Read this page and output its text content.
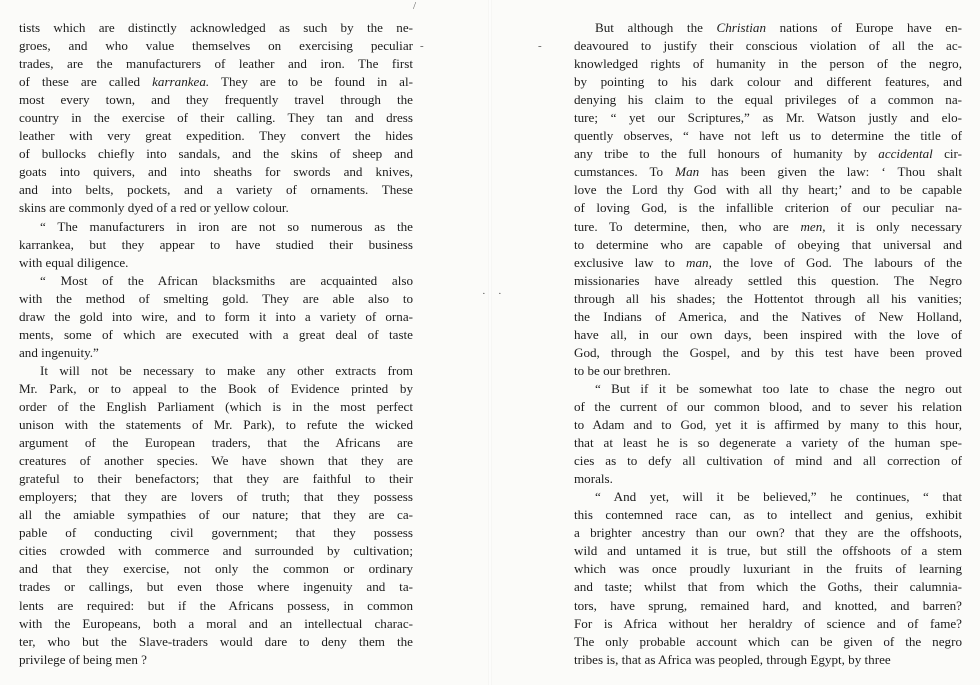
/
tists which are distinctly acknowledged as such by the ne-
groes, and who value themselves on exercising peculiar
trades, are the manufacturers of leather and iron. The first
of these are called karrankea. They are to be found in al-
most every town, and they frequently travel through the
country in the exercise of their calling. They tan and dress
leather with very great expedition. They convert the hides
of bullocks chiefly into sandals, and the skins of sheep and
goats into quivers, and into sheaths for swords and knives,
and into belts, pockets, and a variety of ornaments. These
skins are commonly dyed of a red or yellow colour.
“ The manufacturers in iron are not so numerous as the
karrankea, but they appear to have studied their business
with equal diligence.
“ Most of the African blacksmiths are acquainted also
with the method of smelting gold. They are able also to
draw the gold into wire, and to form it into a variety of orna-
ments, some of which are executed with a great deal of taste
and ingenuity.”
It will not be necessary to make any other extracts from
Mr. Park, or to appeal to the Book of Evidence printed by
order of the English Parliament (which is in the most perfect
unison with the statements of Mr. Park), to refute the wicked
argument of the European traders, that the Africans are
creatures of another species. We have shown that they are
grateful to their benefactors; that they are faithful to their
employers; that they are lovers of truth; that they possess
all the amiable sympathies of our nature; that they are ca-
pable of conducting civil government; that they possess
cities crowded with commerce and surrounded by cultivation;
and that they exercise, not only the common or ordinary
trades or callings, but even those where ingenuity and ta-
lents are required: but if the Africans possess, in common
with the Europeans, both a moral and an intellectual charac-
ter, who but the Slave-traders would dare to deny them the
privilege of being men ?
-
·
But although the Christian nations of Europe have en-
deavoured to justify their conscious violation of all the ac-
knowledged rights of humanity in the person of the negro,
by pointing to his dark colour and different features, and
denying his claim to the equal privileges of a common na-
ture; “ yet our Scriptures,” as Mr. Watson justly and elo-
quently observes, “ have not left us to determine the title of
any tribe to the full honours of humanity by accidental cir-
cumstances. To Man has been given the law: ‘ Thou shalt
love the Lord thy God with all thy heart;’ and to be capable
of loving God, is the infallible criterion of our peculiar na-
ture. To determine, then, who are men, it is only necessary
to determine who are capable of obeying that universal and
exclusive law to man, the love of God. The labours of the
missionaries have already settled this question. The Negro
through all his shades; the Hottentot through all his vanities;
the Indians of America, and the Natives of New Holland,
have all, in our own days, been inspired with the love of
God, through the Gospel, and by this test have been proved
to be our brethren.
“ But if it be somewhat too late to chase the negro out
of the current of our common blood, and to sever his relation
to Adam and to God, yet it is affirmed by many to this hour,
that at least he is so degenerate a variety of the human spe-
cies as to defy all cultivation of mind and all correction of
morals.
“ And yet, will it be believed,” he continues, “ that
this contemned race can, as to intellect and genius, exhibit
a brighter ancestry than our own? that they are the offshoots,
wild and untamed it is true, but still the offshoots of a stem
which was once proudly luxuriant in the fruits of learning
and taste; whilst that from which the Goths, their calumnia-
tors, have sprung, remained hard, and knotted, and barren?
For is Africa without her heraldry of science and of fame?
The only probable account which can be given of the negro
tribes is, that as Africa was peopled, through Egypt, by three
-
·
